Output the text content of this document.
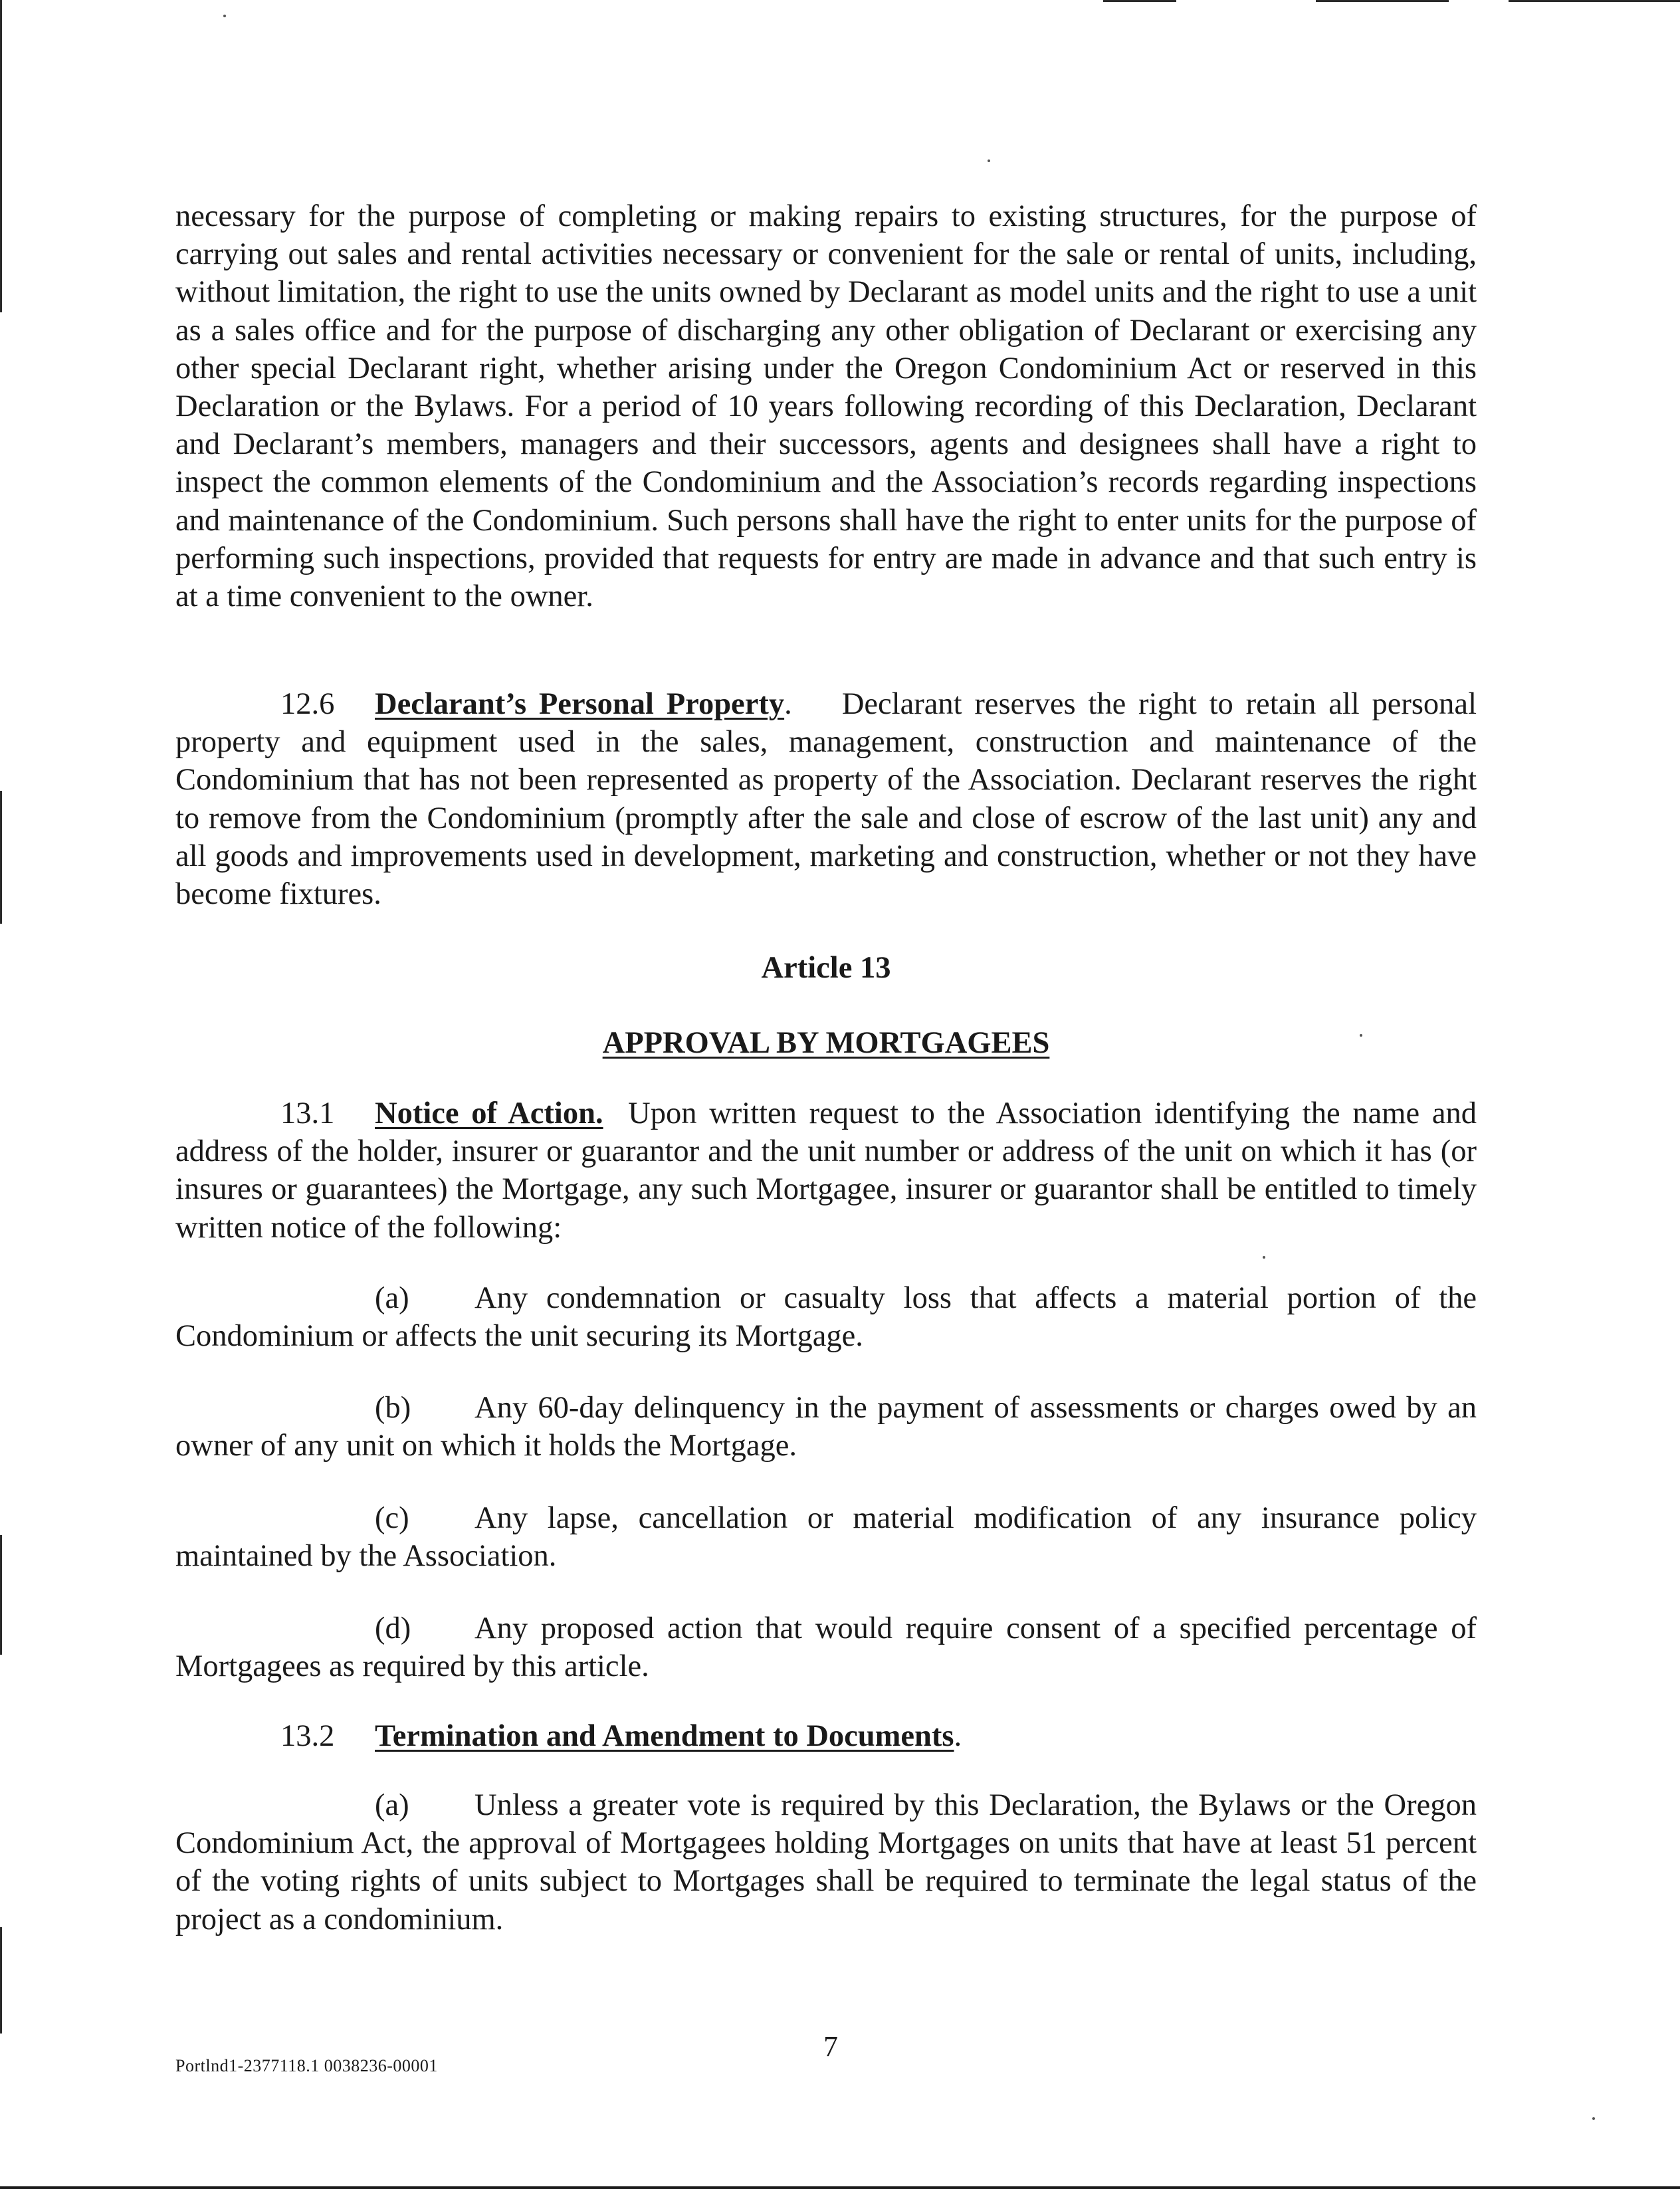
necessary for the purpose of completing or making repairs to existing structures, for the purpose of carrying out sales and rental activities necessary or convenient for the sale or rental of units, including, without limitation, the right to use the units owned by Declarant as model units and the right to use a unit as a sales office and for the purpose of discharging any other obligation of Declarant or exercising any other special Declarant right, whether arising under the Oregon Condominium Act or reserved in this Declaration or the Bylaws. For a period of 10 years following recording of this Declaration, Declarant and Declarant’s members, managers and their successors, agents and designees shall have a right to inspect the common elements of the Condominium and the Association’s records regarding inspections and maintenance of the Condominium. Such persons shall have the right to enter units for the purpose of performing such inspections, provided that requests for entry are made in advance and that such entry is at a time convenient to the owner.

12.6 Declarant’s Personal Property. Declarant reserves the right to retain all personal property and equipment used in the sales, management, construction and maintenance of the Condominium that has not been represented as property of the Association. Declarant reserves the right to remove from the Condominium (promptly after the sale and close of escrow of the last unit) any and all goods and improvements used in development, marketing and construction, whether or not they have become fixtures.

Article 13

APPROVAL BY MORTGAGEES

13.1 Notice of Action. Upon written request to the Association identifying the name and address of the holder, insurer or guarantor and the unit number or address of the unit on which it has (or insures or guarantees) the Mortgage, any such Mortgagee, insurer or guarantor shall be entitled to timely written notice of the following:

(a) Any condemnation or casualty loss that affects a material portion of the Condominium or affects the unit securing its Mortgage.

(b) Any 60-day delinquency in the payment of assessments or charges owed by an owner of any unit on which it holds the Mortgage.

(c) Any lapse, cancellation or material modification of any insurance policy maintained by the Association.

(d) Any proposed action that would require consent of a specified percentage of Mortgagees as required by this article.

13.2 Termination and Amendment to Documents.

(a) Unless a greater vote is required by this Declaration, the Bylaws or the Oregon Condominium Act, the approval of Mortgagees holding Mortgages on units that have at least 51 percent of the voting rights of units subject to Mortgages shall be required to terminate the legal status of the project as a condominium.

7
Portlnd1-2377118.1 0038236-00001
